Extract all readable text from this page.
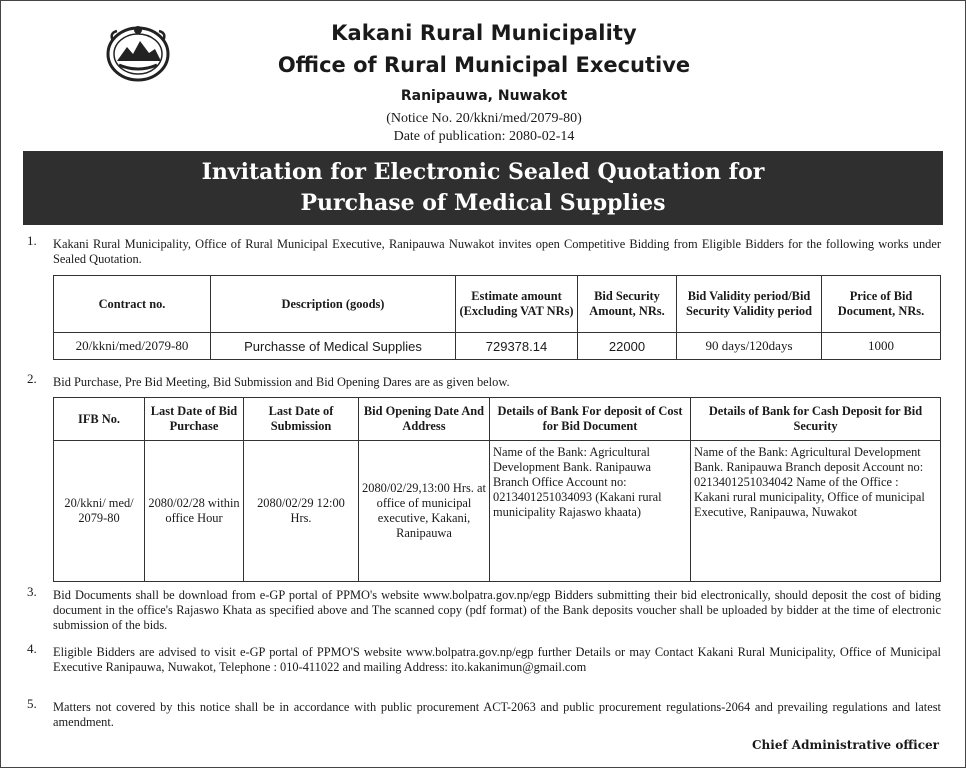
Kakani Rural Municipality
Office of Rural Municipal Executive
Ranipauwa, Nuwakot
(Notice No. 20/kkni/med/2079-80)
Date of publication: 2080-02-14
Invitation for Electronic Sealed Quotation for
Purchase of Medical Supplies
1. Kakani Rural Municipality, Office of Rural Municipal Executive, Ranipauwa Nuwakot invites open Competitive Bidding from Eligible Bidders for the following works under Sealed Quotation.
Contract no.	Description (goods)	Estimate amount (Excluding VAT NRs)	Bid Security Amount, NRs.	Bid Validity period/Bid Security Validity period	Price of Bid Document, NRs.
20/kkni/med/2079-80	Purchasse of Medical Supplies	729378.14	22000	90 days/120days	1000
2. Bid Purchase, Pre Bid Meeting, Bid Submission and Bid Opening Dares are as given below.
IFB No.	Last Date of Bid Purchase	Last Date of Submission	Bid Opening Date And Address	Details of Bank For deposit of Cost for Bid Document	Details of Bank for Cash Deposit for Bid Security
20/kkni/ med/ 2079-80	2080/02/28 within office Hour	2080/02/29 12:00 Hrs.	2080/02/29,13:00 Hrs. at office of municipal executive, Kakani, Ranipauwa	Name of the Bank: Agricultural Development Bank. Ranipauwa Branch Office Account no: 0213401251034093 (Kakani rural municipality Rajaswo khaata)	Name of the Bank: Agricultural Development Bank. Ranipauwa Branch deposit Account no: 0213401251034042 Name of the Office : Kakani rural municipality, Office of municipal Executive, Ranipauwa, Nuwakot
3. Bid Documents shall be download from e-GP portal of PPMO's website www.bolpatra.gov.np/egp Bidders submitting their bid electronically, should deposit the cost of biding document in the office's Rajaswo Khata as specified above and The scanned copy (pdf format) of the Bank deposits voucher shall be uploaded by bidder at the time of electronic submission of the bids.
4. Eligible Bidders are advised to visit e-GP portal of PPMO'S website www.bolpatra.gov.np/egp further Details or may Contact Kakani Rural Municipality, Office of Municipal Executive Ranipauwa, Nuwakot, Telephone : 010-411022 and mailing Address: ito.kakanimun@gmail.com
5. Matters not covered by this notice shall be in accordance with public procurement ACT-2063 and public procurement regulations-2064 and prevailing regulations and latest amendment.
Chief Administrative officer
